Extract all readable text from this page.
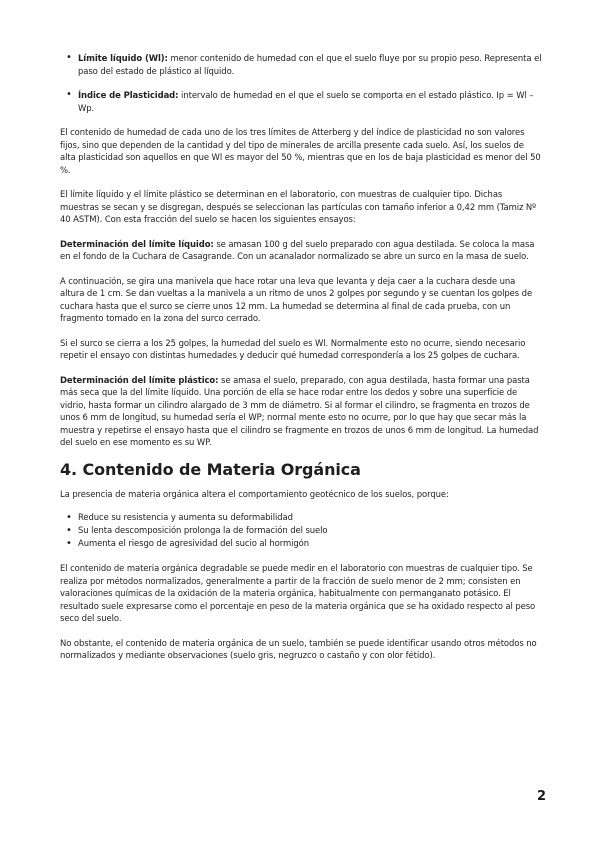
• Límite líquido (Wl): menor contenido de humedad con el que el suelo fluye por su propio peso. Representa el paso del estado de plástico al líquido.
• Índice de Plasticidad: intervalo de humedad en el que el suelo se comporta en el estado plástico. Ip = Wl – Wp.

El contenido de humedad de cada uno de los tres límites de Atterberg y del índice de plasticidad no son valores fijos, sino que dependen de la cantidad y del tipo de minerales de arcilla presente cada suelo. Así, los suelos de alta plasticidad son aquellos en que Wl es mayor del 50 %, mientras que en los de baja plasticidad es menor del 50 %.

El límite líquido y el límite plástico se determinan en el laboratorio, con muestras de cualquier tipo. Dichas muestras se secan y se disgregan, después se seleccionan las partículas con tamaño inferior a 0,42 mm (Tamiz Nº 40 ASTM). Con esta fracción del suelo se hacen los siguientes ensayos:

Determinación del límite líquido: se amasan 100 g del suelo preparado con agua destilada. Se coloca la masa en el fondo de la Cuchara de Casagrande. Con un acanalador normalizado se abre un surco en la masa de suelo.

A continuación, se gira una manivela que hace rotar una leva que levanta y deja caer a la cuchara desde una altura de 1 cm. Se dan vueltas a la manivela a un ritmo de unos 2 golpes por segundo y se cuentan los golpes de cuchara hasta que el surco se cierre unos 12 mm. La humedad se determina al final de cada prueba, con un fragmento tomado en la zona del surco cerrado.

Si el surco se cierra a los 25 golpes, la humedad del suelo es Wl. Normalmente esto no ocurre, siendo necesario repetir el ensayo con distintas humedades y deducir qué humedad correspondería a los 25 golpes de cuchara.

Determinación del límite plástico: se amasa el suelo, preparado, con agua destilada, hasta formar una pasta más seca que la del límite líquido. Una porción de ella se hace rodar entre los dedos y sobre una superficie de vidrio, hasta formar un cilindro alargado de 3 mm de diámetro. Si al formar el cilindro, se fragmenta en trozos de unos 6 mm de longitud, su humedad sería el WP; normal mente esto no ocurre, por lo que hay que secar más la muestra y repetirse el ensayo hasta que el cilindro se fragmente en trozos de unos 6 mm de longitud. La humedad del suelo en ese momento es su WP.

4. Contenido de Materia Orgánica

La presencia de materia orgánica altera el comportamiento geotécnico de los suelos, porque:

• Reduce su resistencia y aumenta su deformabilidad
• Su lenta descomposición prolonga la de formación del suelo
• Aumenta el riesgo de agresividad del sucio al hormigón

El contenido de materia orgánica degradable se puede medir en el laboratorio con muestras de cualquier tipo. Se realiza por métodos normalizados, generalmente a partir de la fracción de suelo menor de 2 mm; consisten en valoraciones químicas de la oxidación de la materia orgánica, habitualmente con permanganato potásico. El resultado suele expresarse como el porcentaje en peso de la materia orgánica que se ha oxidado respecto al peso seco del suelo.

No obstante, el contenido de materia orgánica de un suelo, también se puede identificar usando otros métodos no normalizados y mediante observaciones (suelo gris, negruzco o castaño y con olor fétido).

2
